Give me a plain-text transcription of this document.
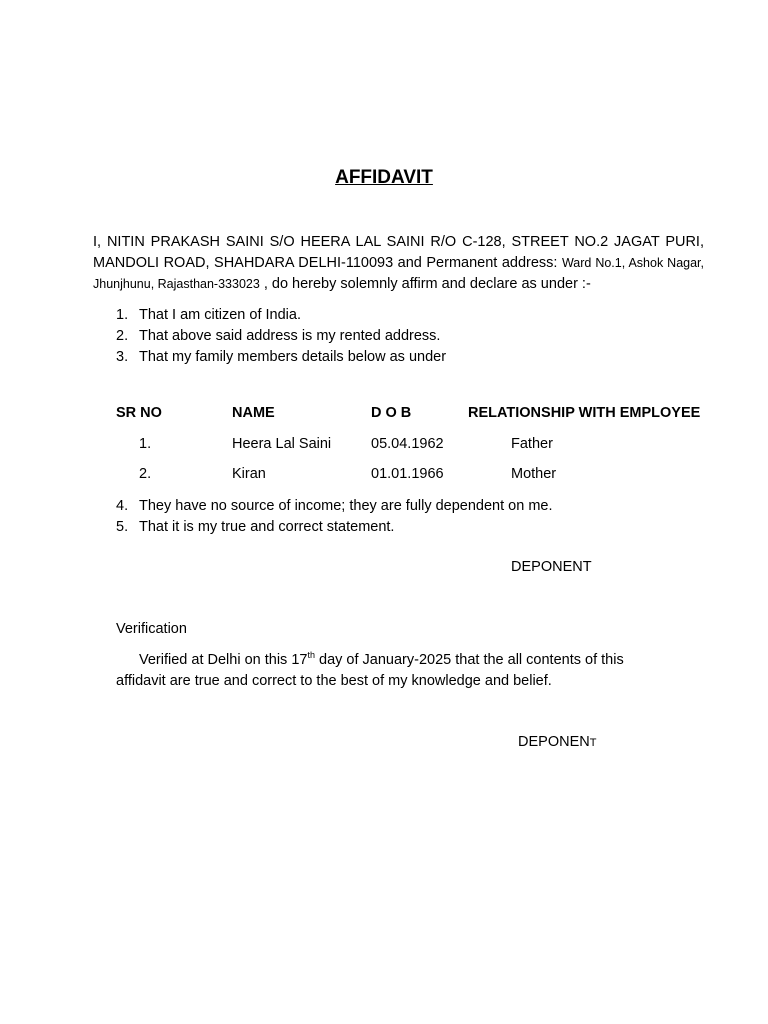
AFFIDAVIT
I, NITIN PRAKASH SAINI S/O HEERA LAL SAINI R/O C-128, STREET NO.2 JAGAT PURI, MANDOLI ROAD, SHAHDARA DELHI-110093 and Permanent address: Ward No.1, Ashok Nagar, Jhunjhunu, Rajasthan-333023 , do hereby solemnly affirm and declare as under :-
1. That I am citizen of India.
2. That above said address is my rented address.
3. That my family members details below as under
SR NO	NAME	D O B	RELATIONSHIP WITH EMPLOYEE
1.	Heera Lal Saini	05.04.1962	Father
2.	Kiran	01.01.1966	Mother
4. They have no source of income; they are fully dependent on me.
5. That it is my true and correct statement.
DEPONENT
Verification
Verified at Delhi on this 17th day of January-2025 that the all contents of this affidavit are true and correct to the best of my knowledge and belief.
DEPONENT
